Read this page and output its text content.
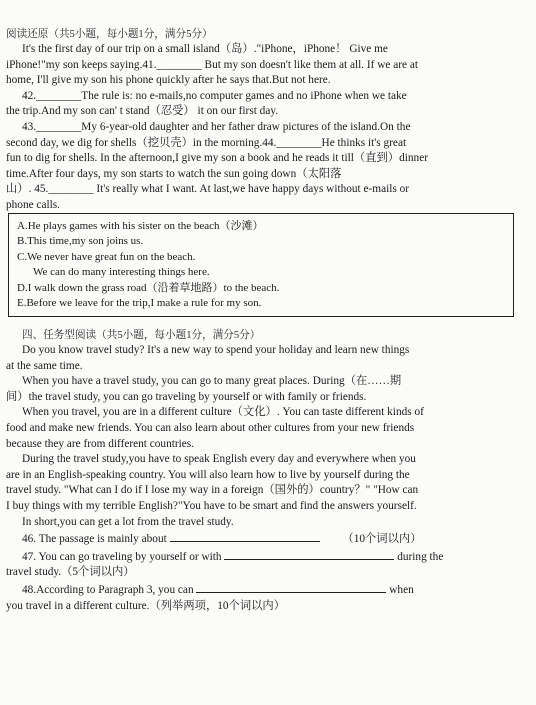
阅读还原（共5小题，每小题1分，满分5分）
It's the first day of our trip on a small island（岛）."iPhone，iPhone！ Give me
iPhone!"my son keeps saying.41.________ But my son doesn't like them at all. If we are at
home, I'll give my son his phone quickly after he says that.But not here.
42.________The rule is: no e-mails,no computer games and no iPhone when we take
the trip.And my son can' t stand（忍受） it on our first day.
43.________My 6-year-old daughter and her father draw pictures of the island.On the
second day, we dig for shells（挖贝壳）in the morning.44.________He thinks it's great
fun to dig for shells. In the afternoon,I give my son a book and he reads it till（直到）dinner
time.After four days, my son starts to watch the sun going down（太阳落
山）. 45.________ It's really what I want. At last,we have happy days without e-mails or
phone calls.
A.He plays games with his sister on the beach（沙滩）
B.This time,my son joins us.
C.We never have great fun on the beach.
We can do many interesting things here.
D.I walk down the grass road（沿着草地路）to the beach.
E.Before we leave for the trip,I make a rule for my son.
四、任务型阅读（共5小题，每小题1分，满分5分）
Do you know travel study? It's a new way to spend your holiday and learn new things
at the same time.
When you have a travel study, you can go to many great places. During（在……期
间）the travel study, you can go traveling by yourself or with family or friends.
When you travel, you are in a different culture（文化）. You can taste different kinds of
food and make new friends. You can also learn about other cultures from your new friends
because they are from different countries.
During the travel study,you have to speak English every day and everywhere when you
are in an English-speaking country. You will also learn how to live by yourself during the
travel study. "What can I do if I lose my way in a foreign（国外的）country？" "How can
I buy things with my terrible English?"You have to be smart and find the answers yourself.
In short,you can get a lot from the travel study.
46. The passage is mainly about	（10个词以内）
47. You can go traveling by yourself or with	during the
travel study.（5个词以内）
48.According to Paragraph 3, you can	when
you travel in a different culture.（列举两项，10个词以内）
